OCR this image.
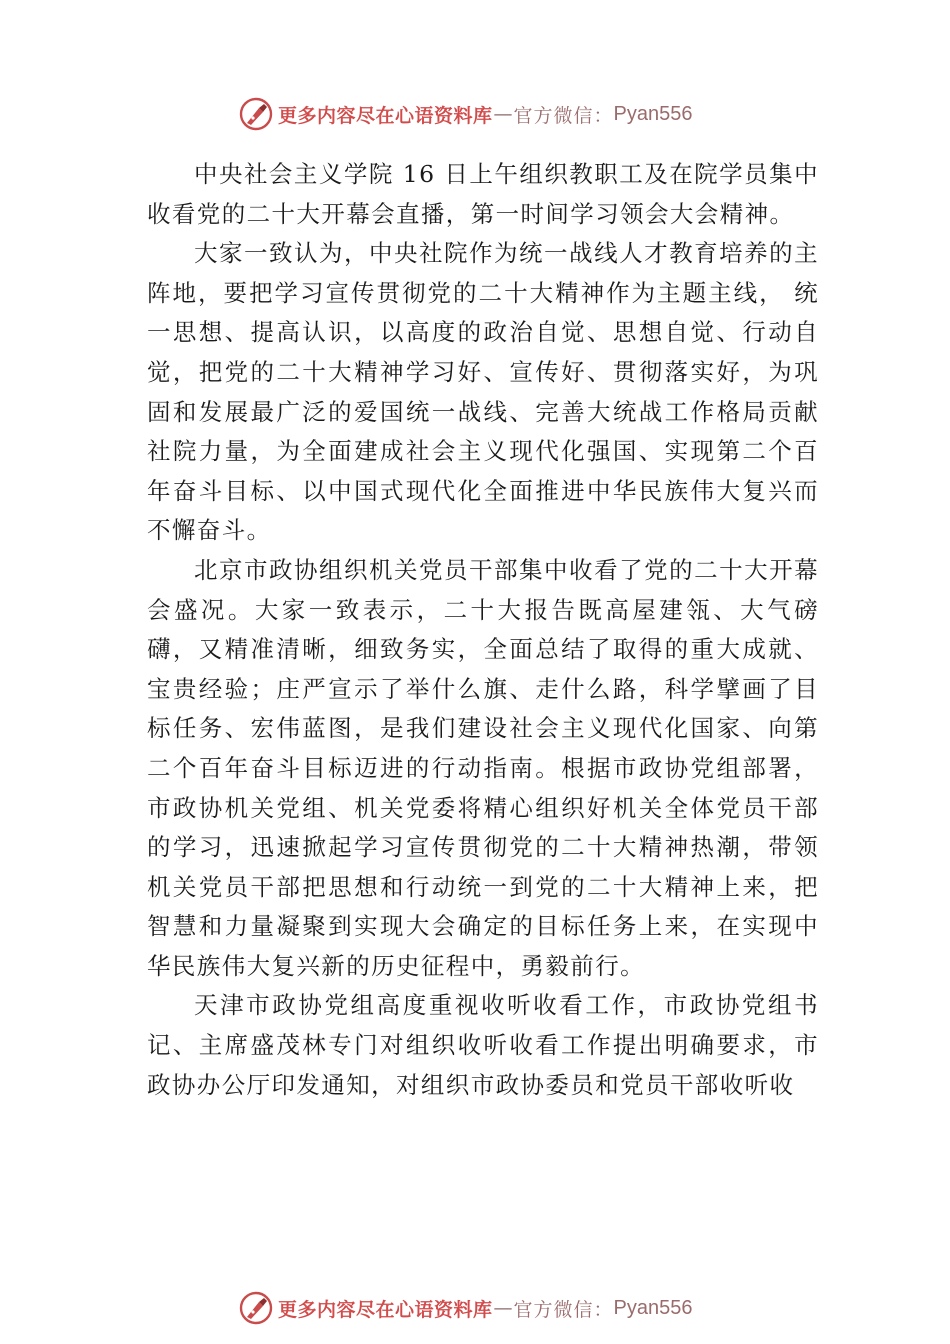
更多内容尽在心语资料库 — 官方微信： Pyan556

中央社会主义学院 16 日上午组织教职工及在院学员集中收看党的二十大开幕会直播，第一时间学习领会大会精神。

大家一致认为，中央社院作为统一战线人才教育培养的主阵地，要把学习宣传贯彻党的二十大精神作为主题主线， 统一思想、提高认识，以高度的政治自觉、思想自觉、行动自觉，把党的二十大精神学习好、宣传好、贯彻落实好，为巩固和发展最广泛的爱国统一战线、完善大统战工作格局贡献社院力量，为全面建成社会主义现代化强国、实现第二个百年奋斗目标、以中国式现代化全面推进中华民族伟大复兴而不懈奋斗。

北京市政协组织机关党员干部集中收看了党的二十大开幕会盛况。大家一致表示，二十大报告既高屋建瓴、大气磅礴，又精准清晰，细致务实，全面总结了取得的重大成就、宝贵经验；庄严宣示了举什么旗、走什么路，科学擘画了目标任务、宏伟蓝图，是我们建设社会主义现代化国家、向第二个百年奋斗目标迈进的行动指南。根据市政协党组部署， 市政协机关党组、机关党委将精心组织好机关全体党员干部的学习，迅速掀起学习宣传贯彻党的二十大精神热潮，带领机关党员干部把思想和行动统一到党的二十大精神上来，把智慧和力量凝聚到实现大会确定的目标任务上来，在实现中华民族伟大复兴新的历史征程中，勇毅前行。

天津市政协党组高度重视收听收看工作，市政协党组书记、主席盛茂林专门对组织收听收看工作提出明确要求，市政协办公厅印发通知，对组织市政协委员和党员干部收听收

更多内容尽在心语资料库 — 官方微信： Pyan556
